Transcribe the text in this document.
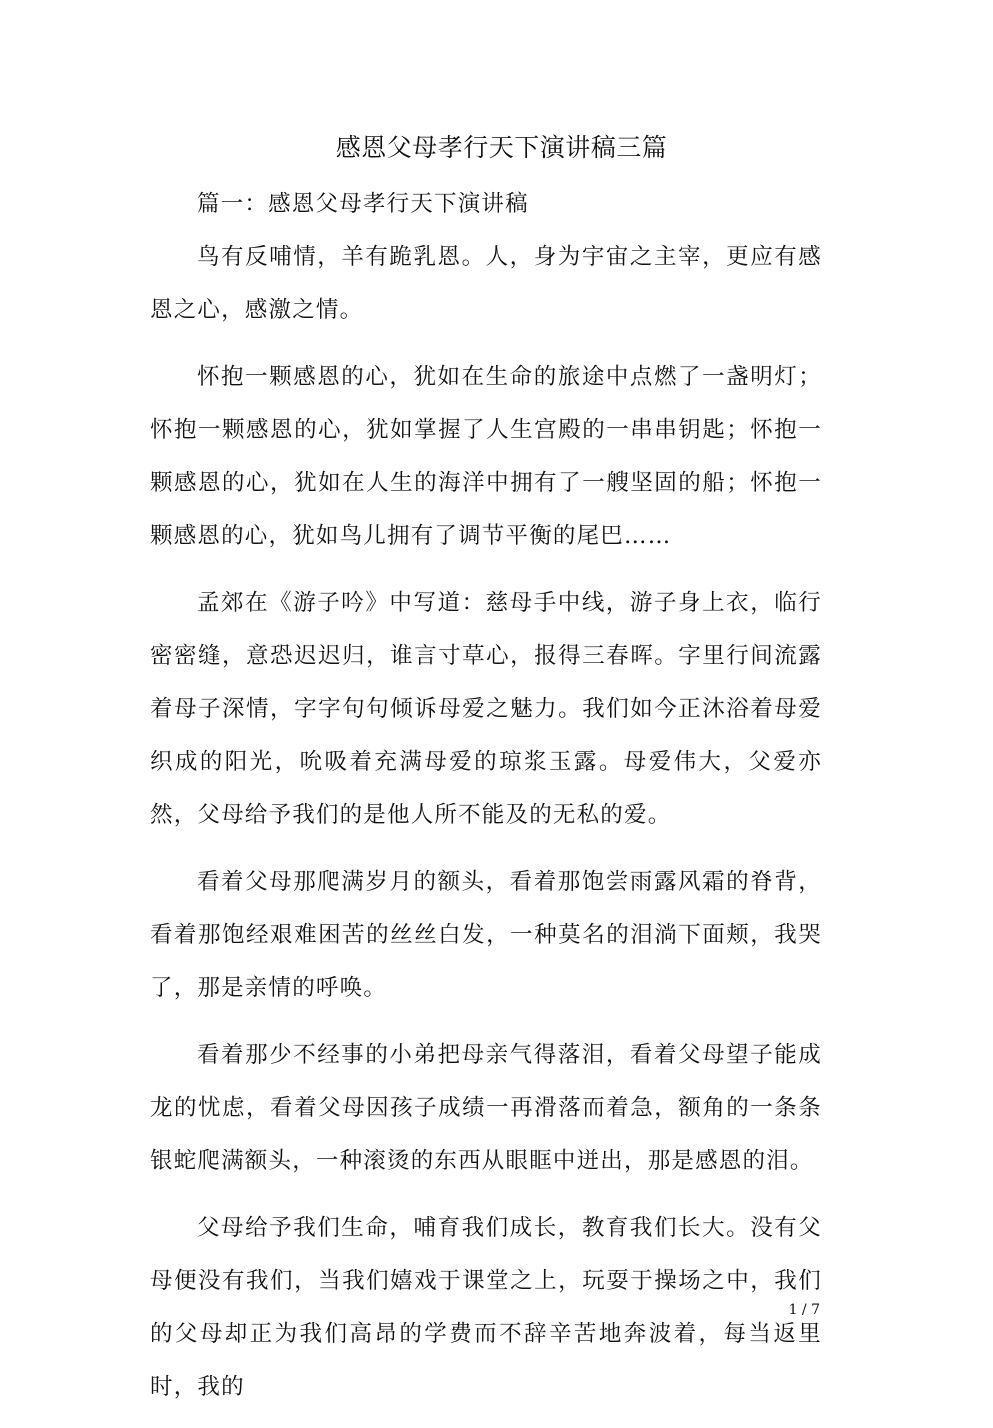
感恩父母孝行天下演讲稿三篇

篇一：感恩父母孝行天下演讲稿

鸟有反哺情，羊有跪乳恩。人，身为宇宙之主宰，更应有感恩之心，感激之情。

怀抱一颗感恩的心，犹如在生命的旅途中点燃了一盏明灯；怀抱一颗感恩的心，犹如掌握了人生宫殿的一串串钥匙；怀抱一颗感恩的心，犹如在人生的海洋中拥有了一艘坚固的船；怀抱一颗感恩的心，犹如鸟儿拥有了调节平衡的尾巴……

孟郊在《游子吟》中写道：慈母手中线，游子身上衣，临行密密缝，意恐迟迟归，谁言寸草心，报得三春晖。字里行间流露着母子深情，字字句句倾诉母爱之魅力。我们如今正沐浴着母爱织成的阳光，吮吸着充满母爱的琼浆玉露。母爱伟大，父爱亦然，父母给予我们的是他人所不能及的无私的爱。

看着父母那爬满岁月的额头，看着那饱尝雨露风霜的脊背，看着那饱经艰难困苦的丝丝白发，一种莫名的泪淌下面颊，我哭了，那是亲情的呼唤。

看着那少不经事的小弟把母亲气得落泪，看着父母望子能成龙的忧虑，看着父母因孩子成绩一再滑落而着急，额角的一条条银蛇爬满额头，一种滚烫的东西从眼眶中迸出，那是感恩的泪。

父母给予我们生命，哺育我们成长，教育我们长大。没有父母便没有我们，当我们嬉戏于课堂之上，玩耍于操场之中，我们的父母却正为我们高昂的学费而不辞辛苦地奔波着，每当返里时，我的

1 / 7
